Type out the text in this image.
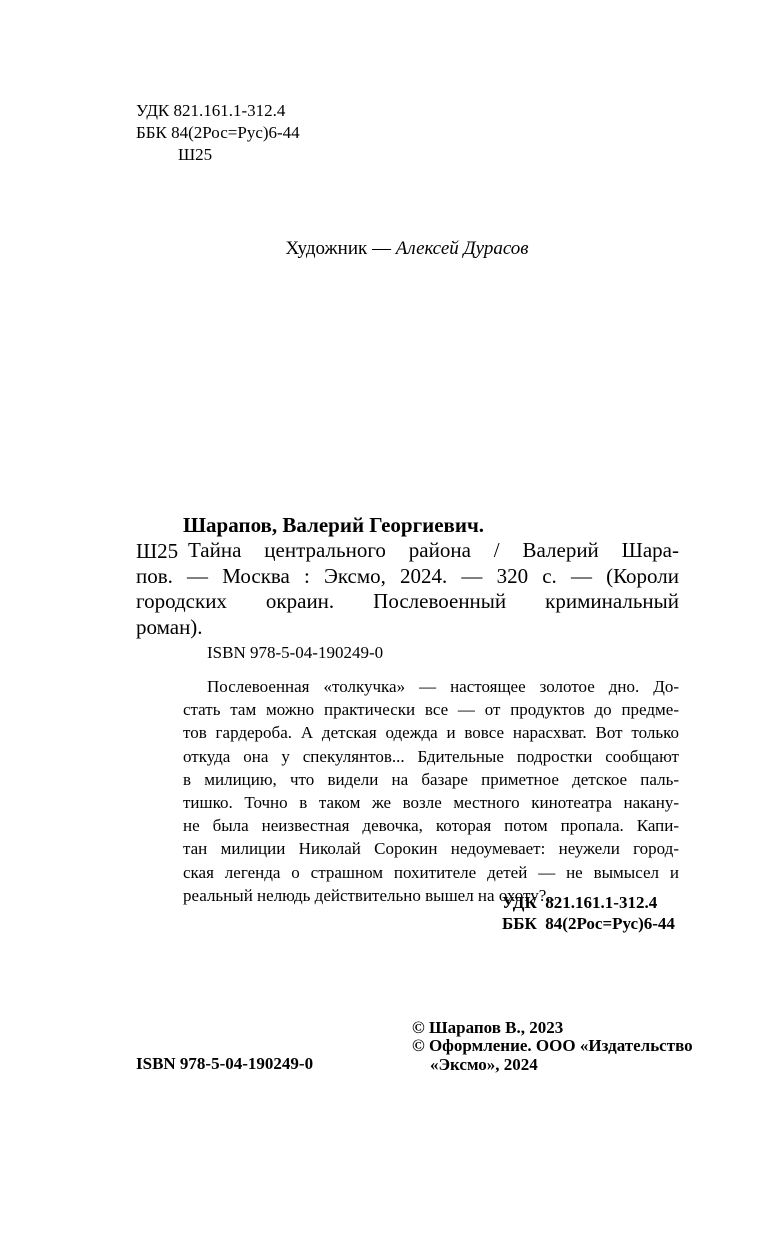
УДК 821.161.1-312.4
ББК 84(2Рос=Рус)6-44
Ш25
Художник — Алексей Дурасов
Шарапов, Валерий Георгиевич.
Ш25 Тайна центрального района / Валерий Шара-
пов. — Москва : Эксмо, 2024. — 320 с. — (Короли
городских окраин. Послевоенный криминальный
роман).
ISBN 978-5-04-190249-0
Послевоенная «толкучка» — настоящее золотое дно. До-
стать там можно практически все — от продуктов до предме-
тов гардероба. А детская одежда и вовсе нарасхват. Вот только
откуда она у спекулянтов... Бдительные подростки сообщают
в милицию, что видели на базаре приметное детское паль-
тишко. Точно в таком же возле местного кинотеатра накану-
не была неизвестная девочка, которая потом пропала. Капи-
тан милиции Николай Сорокин недоумевает: неужели город-
ская легенда о страшном похитителе детей — не вымысел и
реальный нелюдь действительно вышел на охоту?..
УДК  821.161.1-312.4
ББК  84(2Рос=Рус)6-44
ISBN 978-5-04-190249-0
© Шарапов В., 2023
© Оформление. ООО «Издательство
«Эксмо», 2024
